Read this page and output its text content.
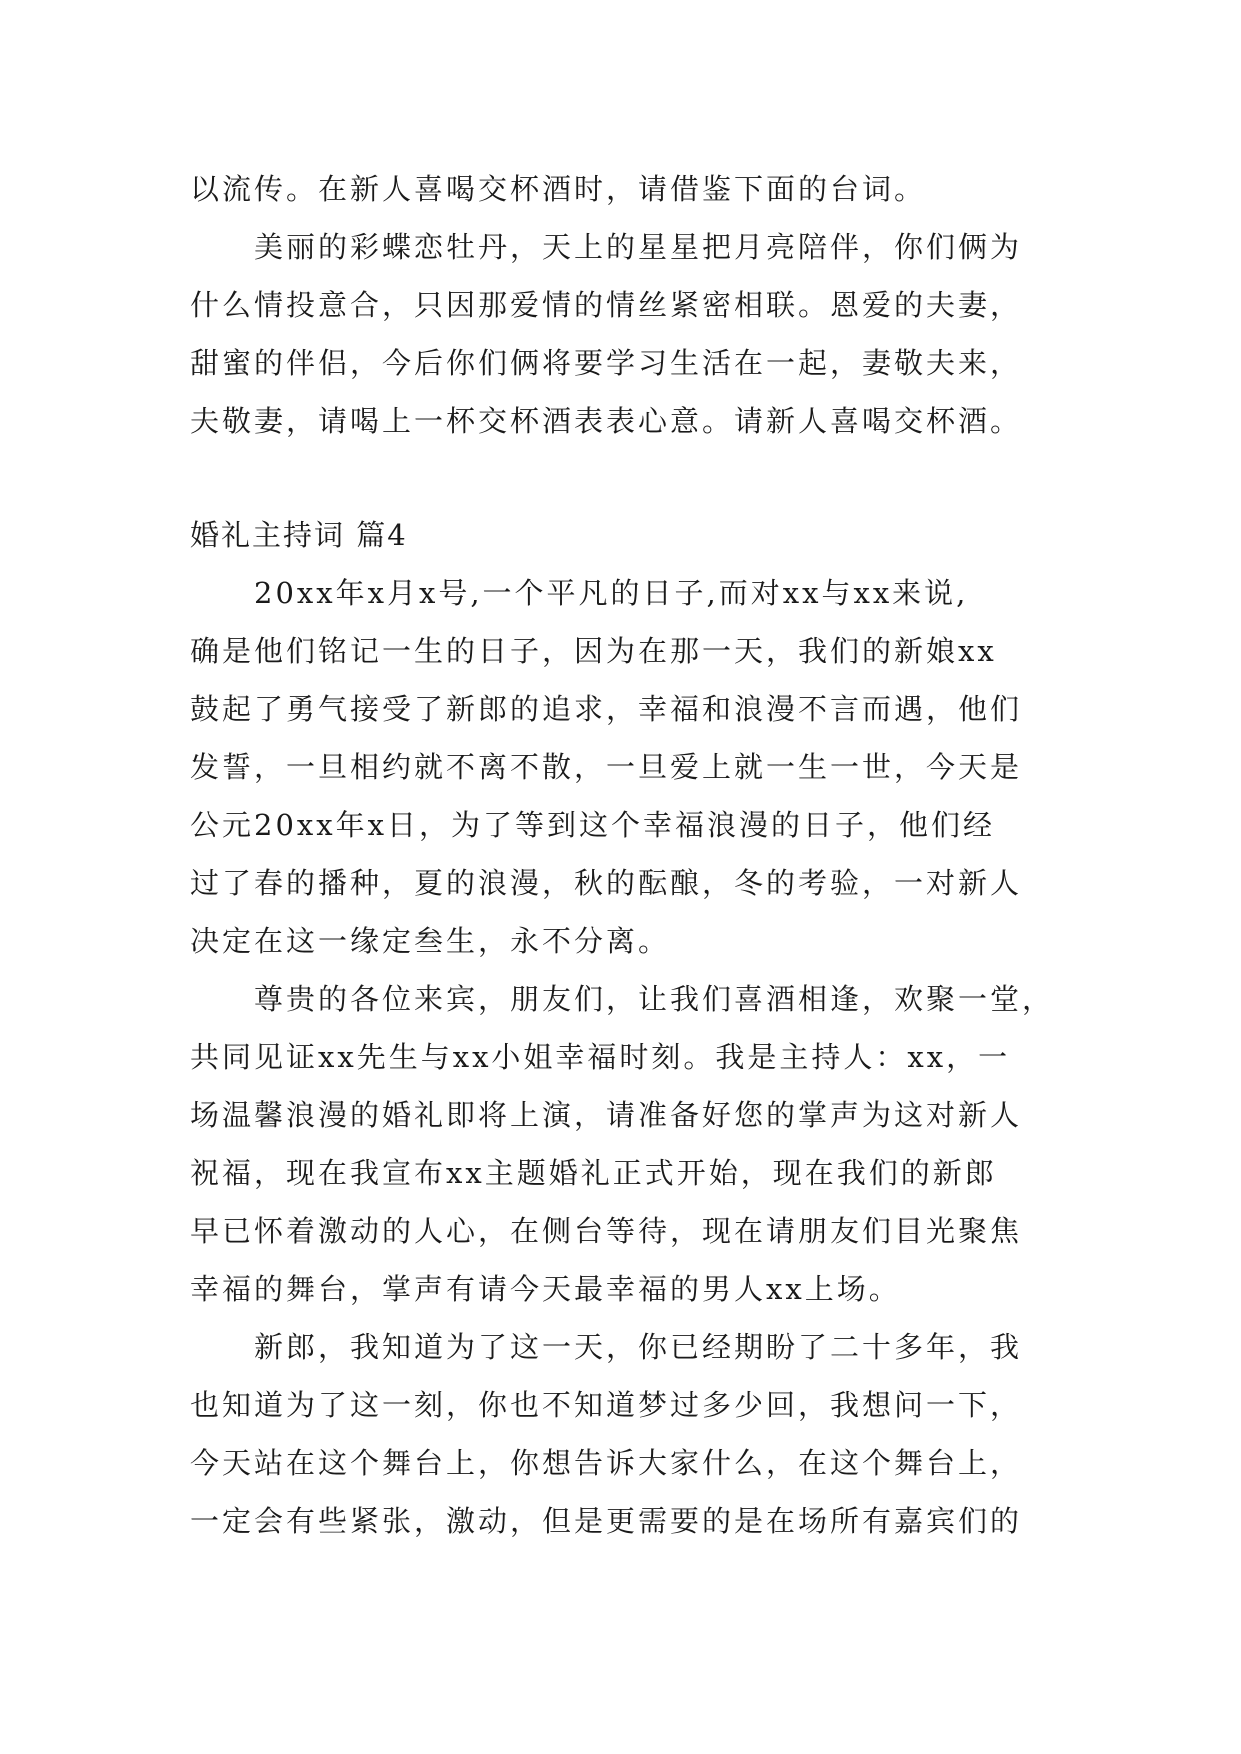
以流传。在新人喜喝交杯酒时，请借鉴下面的台词。
美丽的彩蝶恋牡丹，天上的星星把月亮陪伴，你们俩为
什么情投意合，只因那爱情的情丝紧密相联。恩爱的夫妻，
甜蜜的伴侣，今后你们俩将要学习生活在一起，妻敬夫来，
夫敬妻，请喝上一杯交杯酒表表心意。请新人喜喝交杯酒。
婚礼主持词 篇4
20xx年x月x号,一个平凡的日子,而对xx与xx来说,
确是他们铭记一生的日子，因为在那一天，我们的新娘xx
鼓起了勇气接受了新郎的追求，幸福和浪漫不言而遇，他们
发誓，一旦相约就不离不散，一旦爱上就一生一世，今天是
公元20xx年x日，为了等到这个幸福浪漫的日子，他们经
过了春的播种，夏的浪漫，秋的酝酿，冬的考验，一对新人
决定在这一缘定叁生，永不分离。
尊贵的各位来宾，朋友们，让我们喜酒相逢，欢聚一堂，
共同见证xx先生与xx小姐幸福时刻。我是主持人：xx，一
场温馨浪漫的婚礼即将上演，请准备好您的掌声为这对新人
祝福，现在我宣布xx主题婚礼正式开始，现在我们的新郎
早已怀着激动的人心，在侧台等待，现在请朋友们目光聚焦
幸福的舞台，掌声有请今天最幸福的男人xx上场。
新郎，我知道为了这一天，你已经期盼了二十多年，我
也知道为了这一刻，你也不知道梦过多少回，我想问一下，
今天站在这个舞台上，你想告诉大家什么，在这个舞台上，
一定会有些紧张，激动，但是更需要的是在场所有嘉宾们的
